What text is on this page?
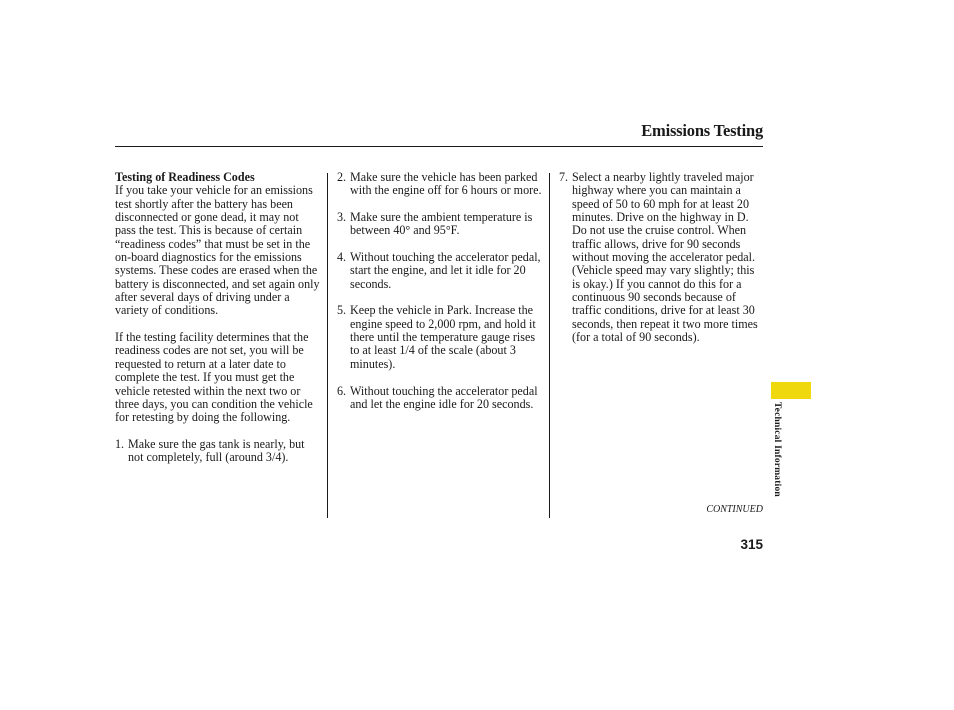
Emissions Testing
Testing of Readiness Codes

If you take your vehicle for an emissions test shortly after the battery has been disconnected or gone dead, it may not pass the test. This is because of certain “readiness codes” that must be set in the on-board diagnostics for the emissions systems. These codes are erased when the battery is disconnected, and set again only after several days of driving under a variety of conditions.

If the testing facility determines that the readiness codes are not set, you will be requested to return at a later date to complete the test. If you must get the vehicle retested within the next two or three days, you can condition the vehicle for retesting by doing the following.

1. Make sure the gas tank is nearly, but not completely, full (around 3/4).
2. Make sure the vehicle has been parked with the engine off for 6 hours or more.
3. Make sure the ambient temperature is between 40° and 95°F.
4. Without touching the accelerator pedal, start the engine, and let it idle for 20 seconds.
5. Keep the vehicle in Park. Increase the engine speed to 2,000 rpm, and hold it there until the temperature gauge rises to at least 1/4 of the scale (about 3 minutes).
6. Without touching the accelerator pedal and let the engine idle for 20 seconds.
7. Select a nearby lightly traveled major highway where you can maintain a speed of 50 to 60 mph for at least 20 minutes. Drive on the highway in D. Do not use the cruise control. When traffic allows, drive for 90 seconds without moving the accelerator pedal. (Vehicle speed may vary slightly; this is okay.) If you cannot do this for a continuous 90 seconds because of traffic conditions, drive for at least 30 seconds, then repeat it two more times (for a total of 90 seconds).
Technical Information
CONTINUED
315
